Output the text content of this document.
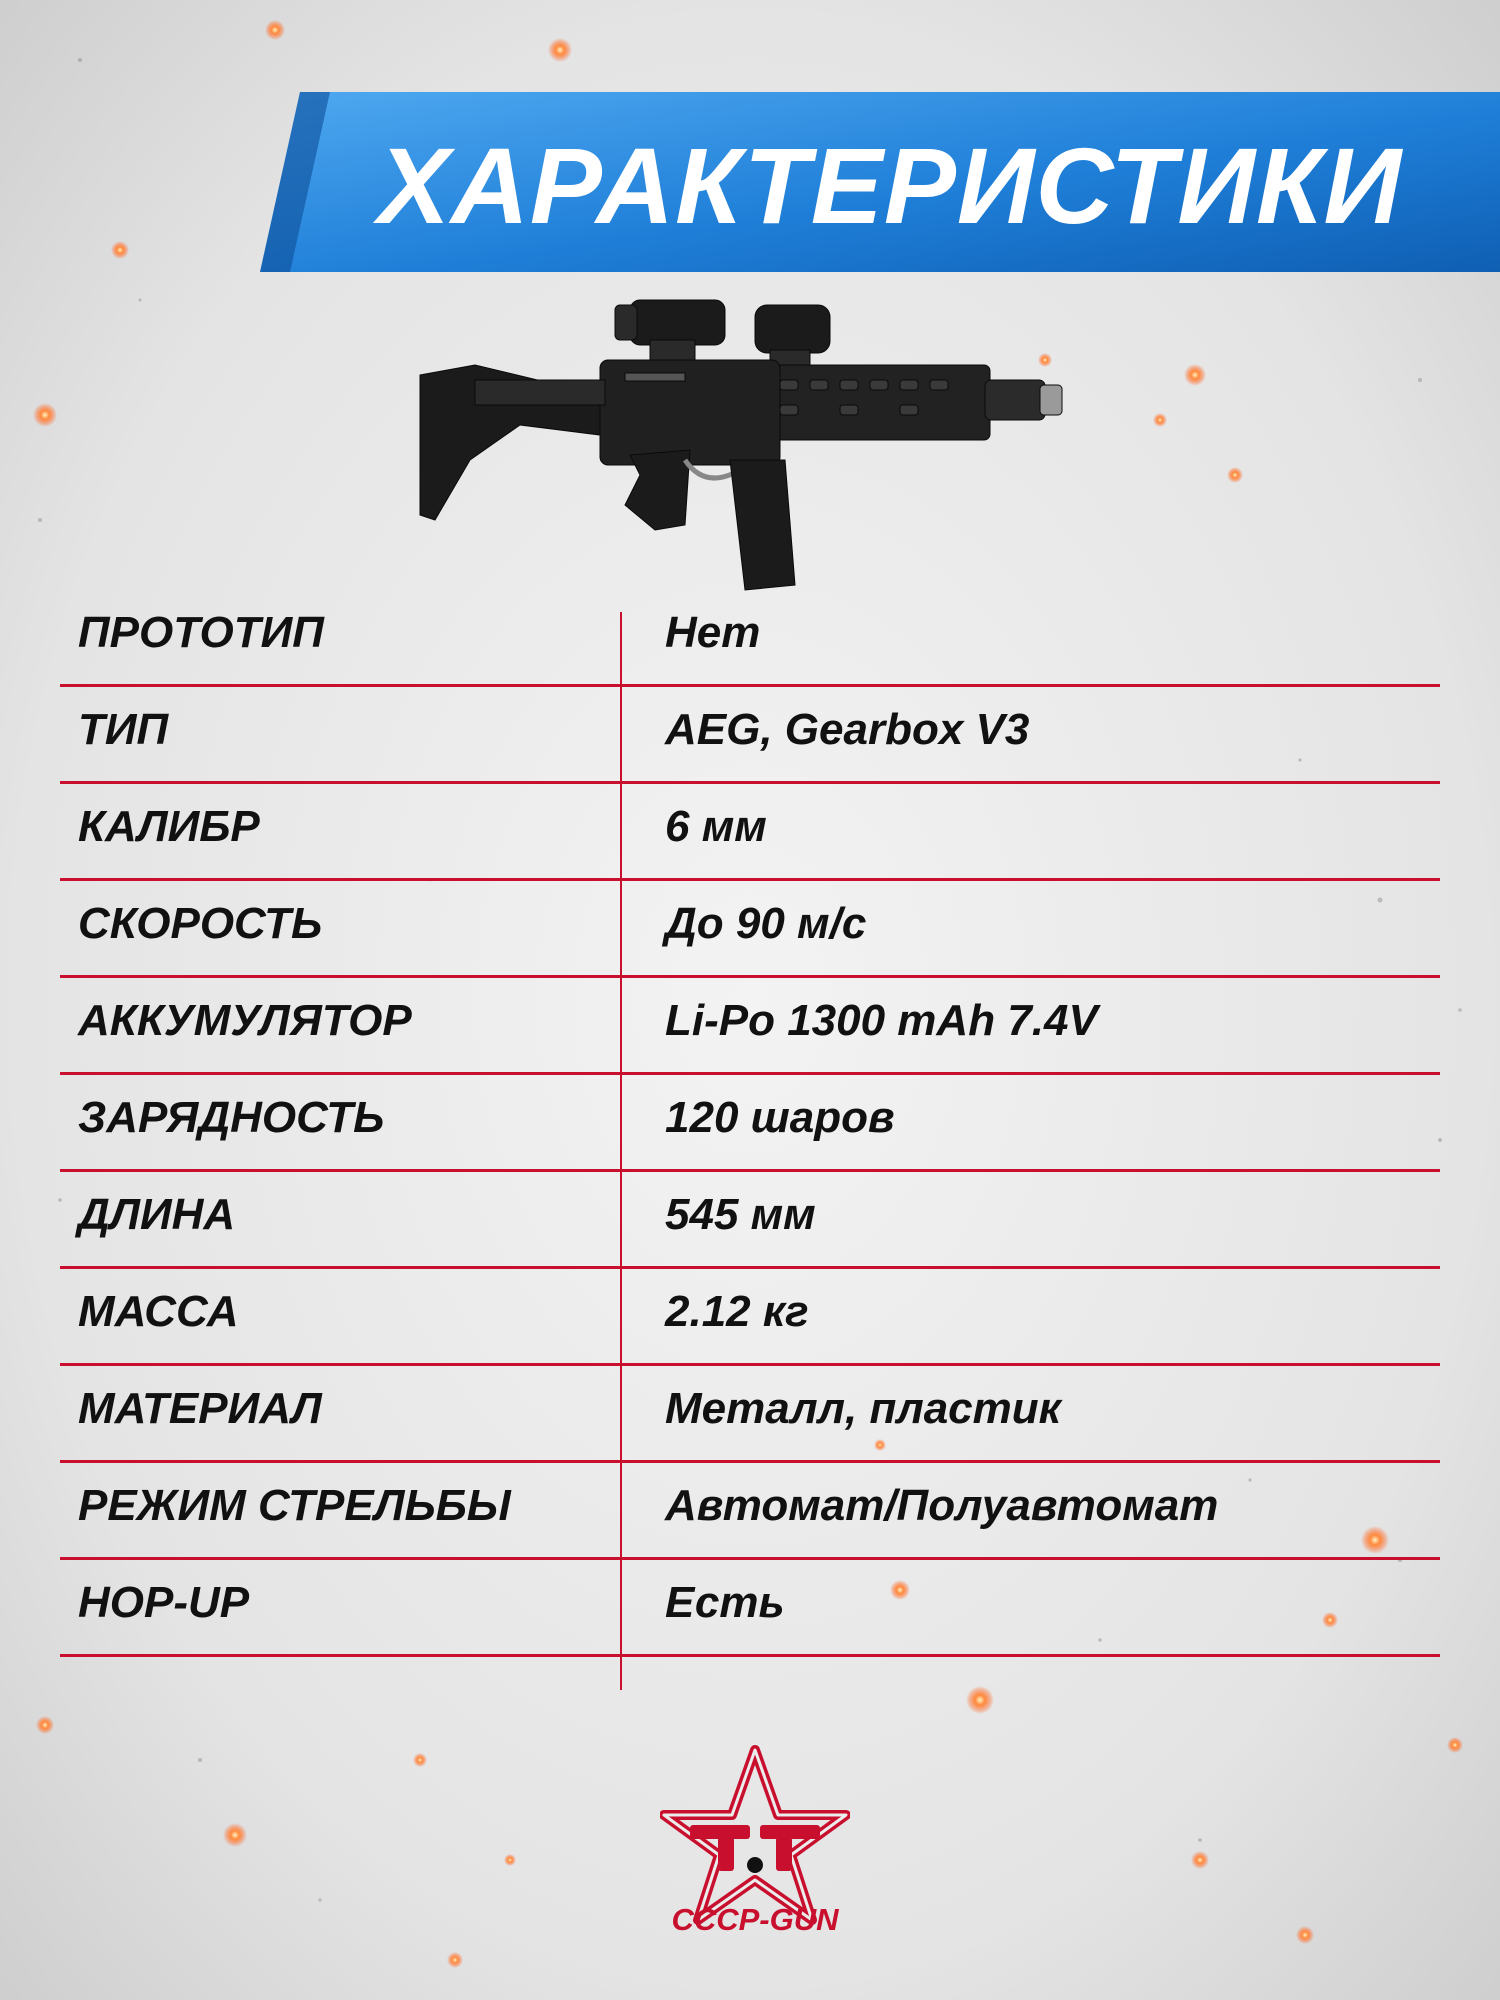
ХАРАКТЕРИСТИКИ
ПРОТОТИП	Нет
ТИП	AEG, Gearbox V3
КАЛИБР	6 мм
СКОРОСТЬ	До 90 м/с
АККУМУЛЯТОР	Li-Po 1300 mAh 7.4V
ЗАРЯДНОСТЬ	120 шаров
ДЛИНА	545 мм
МАССА	2.12 кг
МАТЕРИАЛ	Металл, пластик
РЕЖИМ СТРЕЛЬБЫ	Автомат/Полуавтомат
HOP-UP	Есть
CCCP-GUN
